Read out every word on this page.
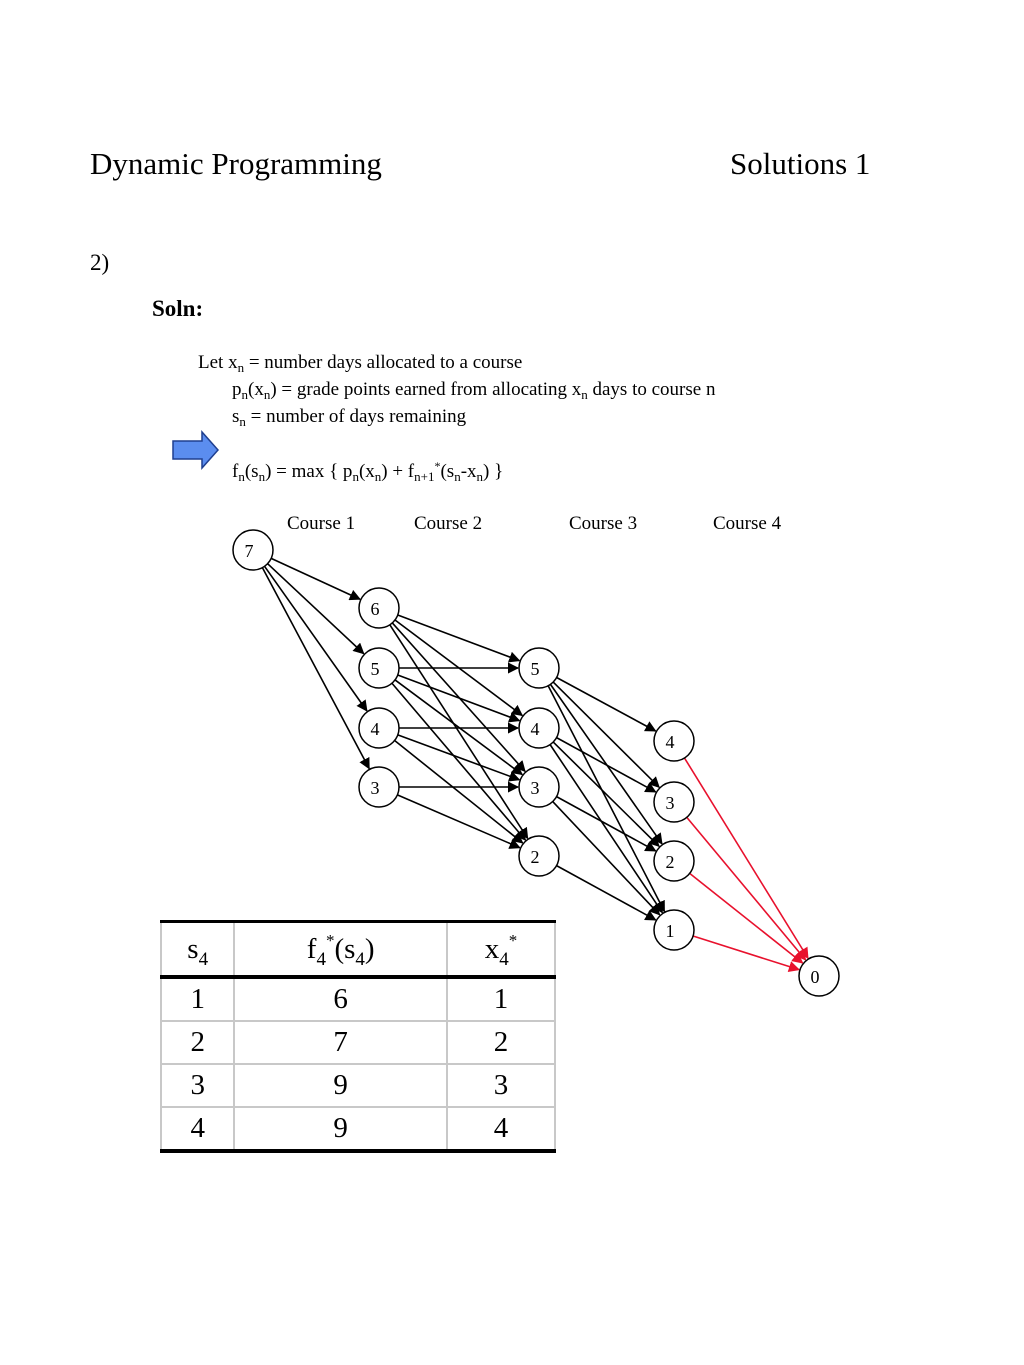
Dynamic Programming	Solutions 1
2)
Soln:
Let $x_n$ = number days allocated to a course
$p_n(x_n)$ = grade points earned from allocating $x_n$ days to course n
$s_n$ = number of days remaining
$f_n(s_n) = \max$ { $p_n(x_n) + f_{n+1}^*(s_n-x_n)$ }
Course 1	Course 2	Course 3	Course 4
7
6
5
4
3
5
4
3
2
4
3
2
1
0
$s_4$	$f_4^*(s_4)$	$x_4^*$
1	6	1
2	7	2
3	9	3
4	9	4
